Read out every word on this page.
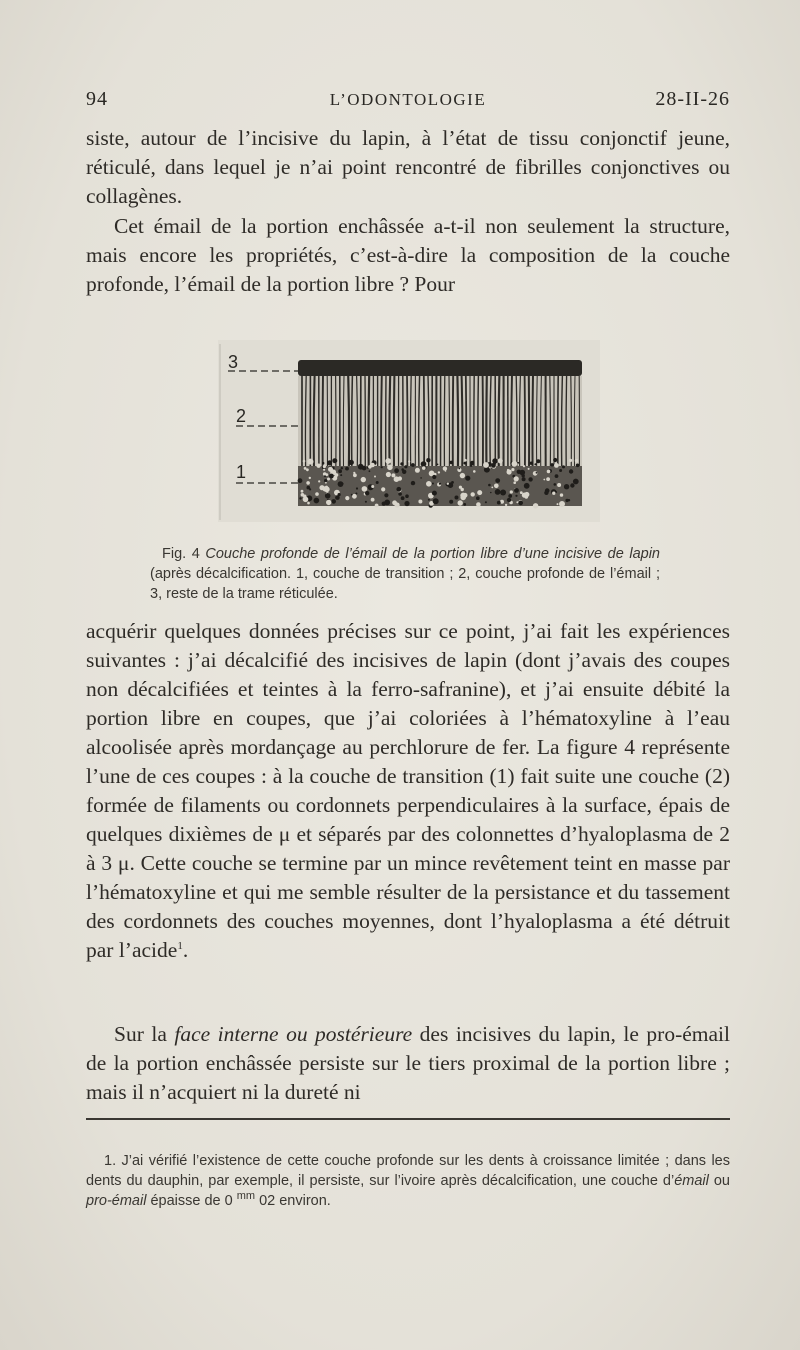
94	L’ODONTOLOGIE	28-II-26

siste, autour de l’incisive du lapin, à l’état de tissu conjonctif jeune, réticulé, dans lequel je n’ai point rencontré de fibrilles conjonctives ou collagènes.

Cet émail de la portion enchâssée a-t-il non seulement la structure, mais encore les propriétés, c’est-à-dire la composition de la couche profonde, l’émail de la portion libre ? Pour

3
2
1
Fig. 4 Couche profonde de l’émail de la portion libre d’une incisive de lapin (après décalcification. 1, couche de transition ; 2, couche profonde de l’émail ; 3, reste de la trame réticulée.

acquérir quelques données précises sur ce point, j’ai fait les expériences suivantes : j’ai décalcifié des incisives de lapin (dont j’avais des coupes non décalcifiées et teintes à la ferro-safranine), et j’ai ensuite débité la portion libre en coupes, que j’ai coloriées à l’hématoxyline à l’eau alcoolisée après mordançage au perchlorure de fer. La figure 4 représente l’une de ces coupes : à la couche de transition (1) fait suite une couche (2) formée de filaments ou cordonnets perpendiculaires à la surface, épais de quelques dixièmes de μ et séparés par des colonnettes d’hyaloplasma de 2 à 3 μ. Cette couche se termine par un mince revêtement teint en masse par l’hématoxyline et qui me semble résulter de la persistance et du tassement des cordonnets des couches moyennes, dont l’hyaloplasma a été détruit par l’acide$^1$.

Sur la face interne ou postérieure des incisives du lapin, le pro-émail de la portion enchâssée persiste sur le tiers proximal de la portion libre ; mais il n’acquiert ni la dureté ni

1. J’ai vérifié l’existence de cette couche profonde sur les dents à croissance limitée ; dans les dents du dauphin, par exemple, il persiste, sur l’ivoire après décalcification, une couche d’émail ou pro-émail épaisse de 0 $^{mm}$ 02 environ.
